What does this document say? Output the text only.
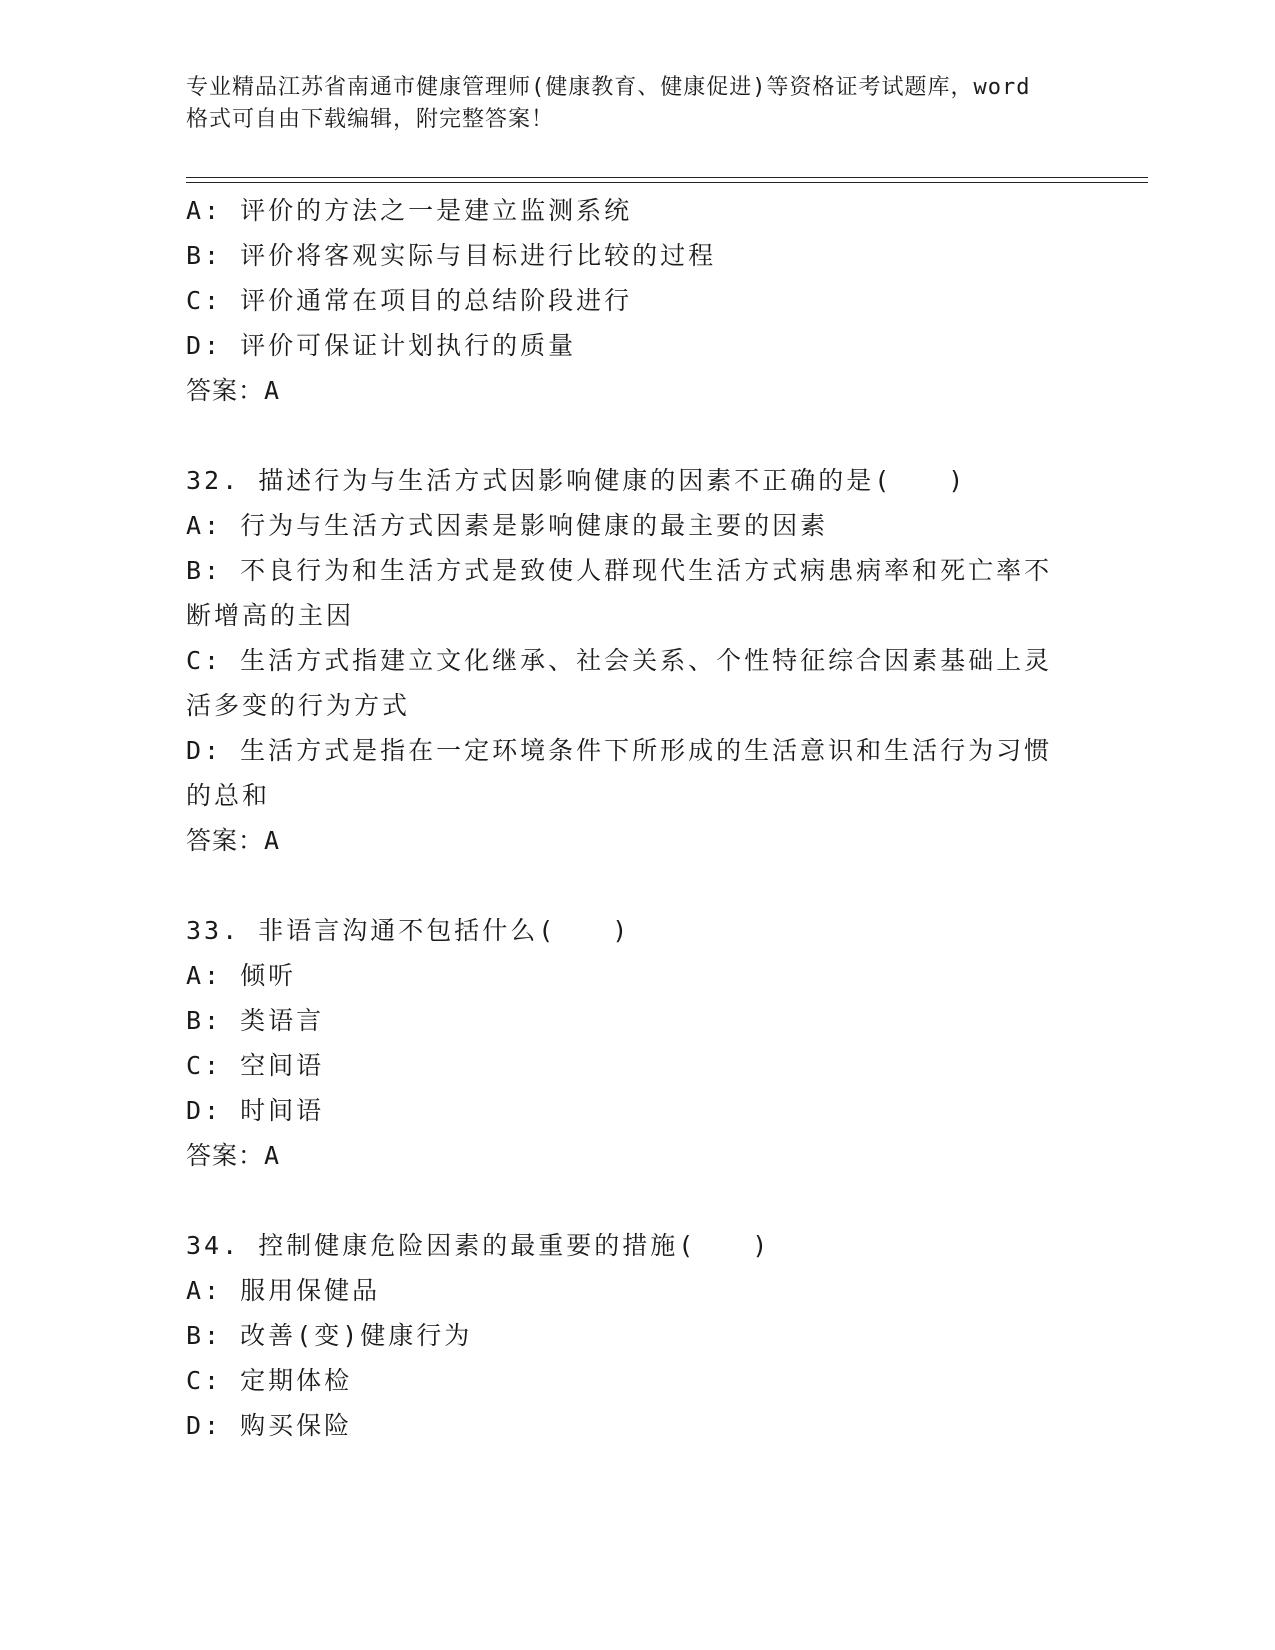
专业精品江苏省南通市健康管理师(健康教育、健康促进)等资格证考试题库，word
格式可自由下载编辑，附完整答案！
A: 评价的方法之一是建立监测系统
B: 评价将客观实际与目标进行比较的过程
C: 评价通常在项目的总结阶段进行
D: 评价可保证计划执行的质量
答案：A
32. 描述行为与生活方式因影响健康的因素不正确的是(　　)
A: 行为与生活方式因素是影响健康的最主要的因素
B: 不良行为和生活方式是致使人群现代生活方式病患病率和死亡率不
断增高的主因
C: 生活方式指建立文化继承、社会关系、个性特征综合因素基础上灵
活多变的行为方式
D: 生活方式是指在一定环境条件下所形成的生活意识和生活行为习惯
的总和
答案：A
33. 非语言沟通不包括什么(　　)
A: 倾听
B: 类语言
C: 空间语
D: 时间语
答案：A
34. 控制健康危险因素的最重要的措施(　　)
A: 服用保健品
B: 改善(变)健康行为
C: 定期体检
D: 购买保险
